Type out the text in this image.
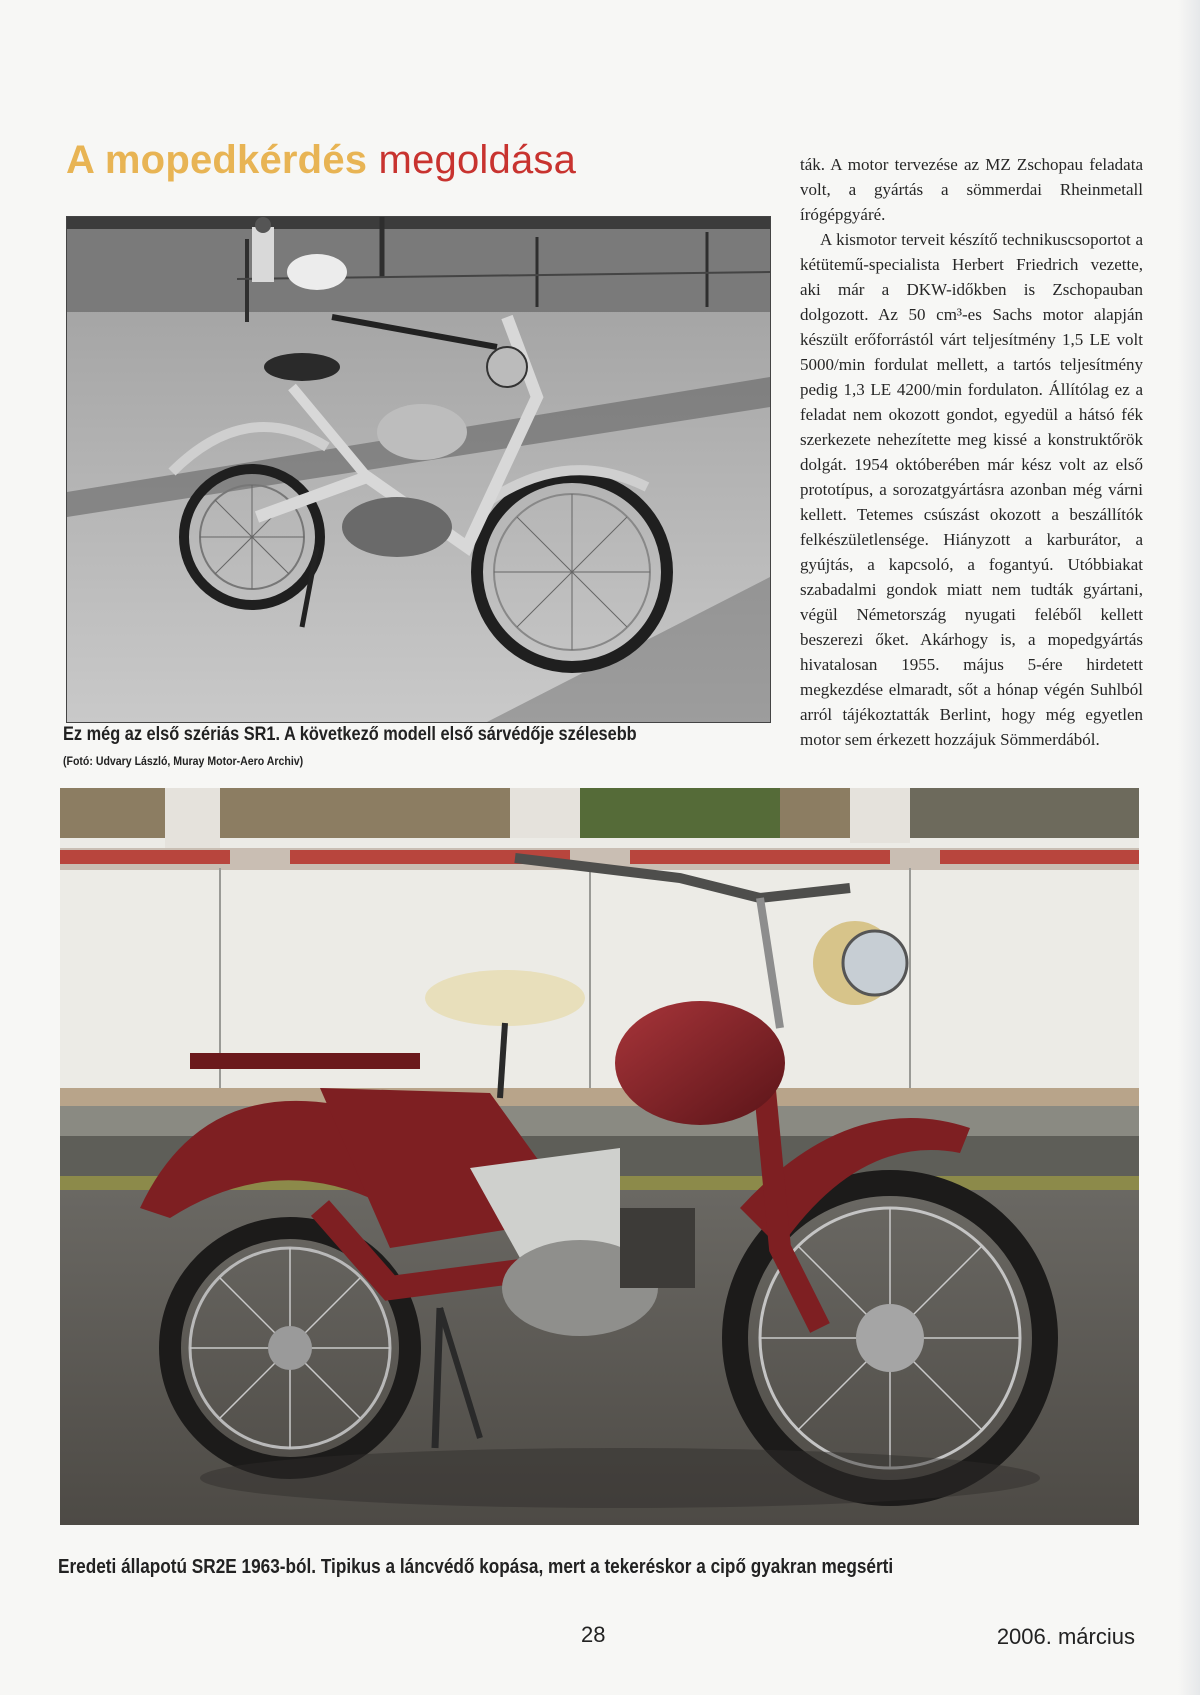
A mopedkérdés megoldása
Ez még az első szériás SR1. A következő modell első sárvédője szélesebb
(Fotó: Udvary László, Muray Motor-Aero Archiv)

ták. A motor tervezése az MZ Zschopau feladata volt, a gyártás a sömmerdai Rheinmetall írógépgyáré.

A kismotor terveit készítő technikuscsoportot a kétütemű-specialista Herbert Friedrich vezette, aki már a DKW-időkben is Zschopauban dolgozott. Az 50 cm³-es Sachs motor alapján készült erőforrástól várt teljesítmény 1,5 LE volt 5000/min fordulat mellett, a tartós teljesítmény pedig 1,3 LE 4200/min fordulaton. Állítólag ez a feladat nem okozott gondot, egyedül a hátsó fék szerkezete nehezítette meg kissé a konstruktőrök dolgát. 1954 októberében már kész volt az első prototípus, a sorozatgyártásra azonban még várni kellett. Tetemes csúszást okozott a beszállítók felkészületlensége. Hiányzott a karburátor, a gyújtás, a kapcsoló, a fogantyú. Utóbbiakat szabadalmi gondok miatt nem tudták gyártani, végül Németország nyugati feléből kellett beszerezi őket. Akárhogy is, a mopedgyártás hivatalosan 1955. május 5-ére hirdetett megkezdése elmaradt, sőt a hónap végén Suhlból arról tájékoztatták Berlint, hogy még egyetlen motor sem érkezett hozzájuk Sömmerdából.

Eredeti állapotú SR2E 1963-ból. Tipikus a láncvédő kopása, mert a tekeréskor a cipő gyakran megsérti
28	2006. március
